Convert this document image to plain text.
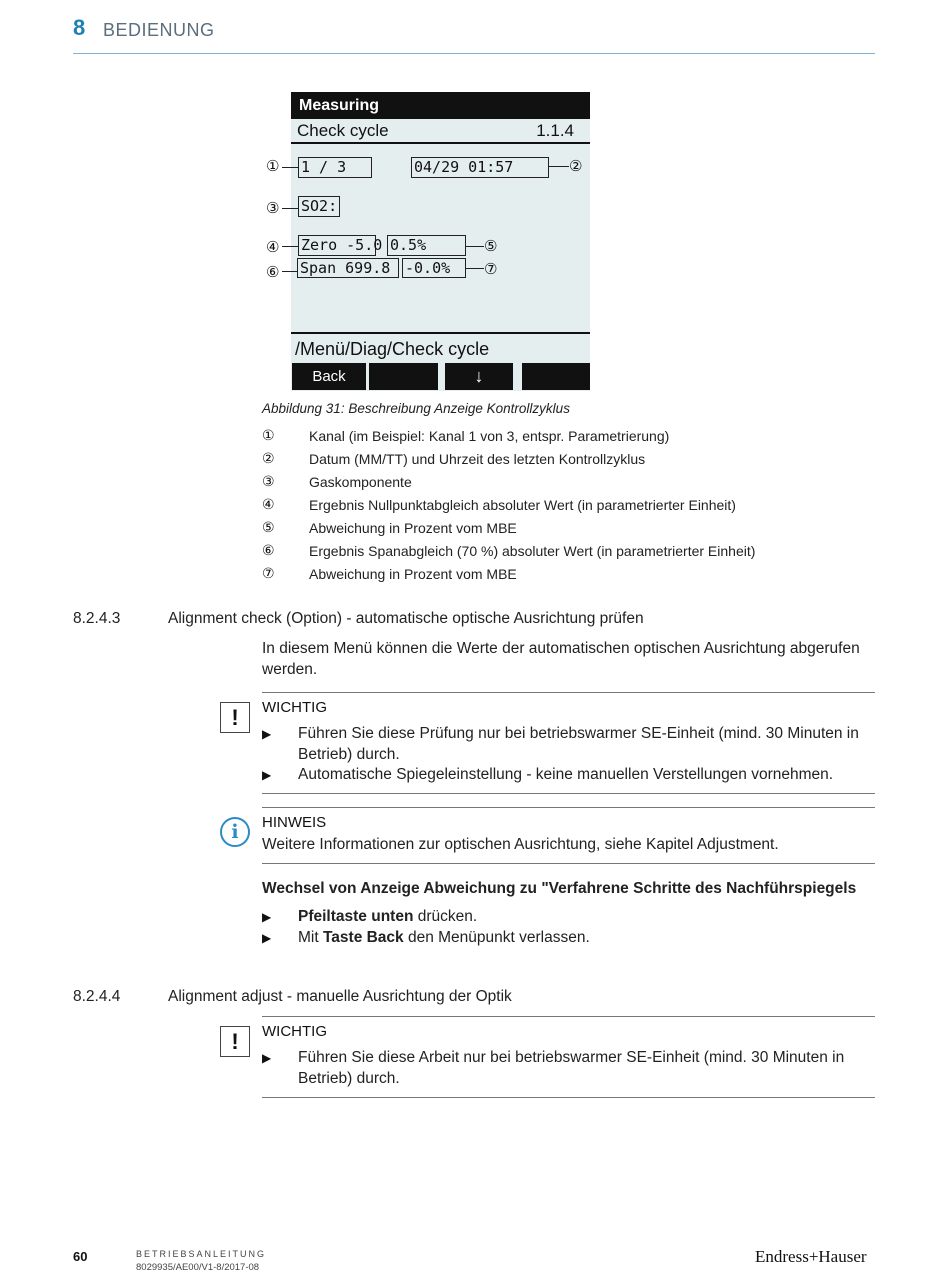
8 BEDIENUNG
Measuring
Check cycle	1.1.4
1 / 3	04/29 01:57
SO2:
Zero -5.0 0.5%
Span 699.8 -0.0%
/Menü/Diag/Check cycle
Back	↓
①	②
③
④	⑤
⑥	⑦
Abbildung 31: Beschreibung Anzeige Kontrollzyklus
① Kanal (im Beispiel: Kanal 1 von 3, entspr. Parametrierung)
② Datum (MM/TT) und Uhrzeit des letzten Kontrollzyklus
③ Gaskomponente
④ Ergebnis Nullpunktabgleich absoluter Wert (in parametrierter Einheit)
⑤ Abweichung in Prozent vom MBE
⑥ Ergebnis Spanabgleich (70 %) absoluter Wert (in parametrierter Einheit)
⑦ Abweichung in Prozent vom MBE
8.2.4.3	Alignment check (Option) - automatische optische Ausrichtung prüfen
In diesem Menü können die Werte der automatischen optischen Ausrichtung abgerufen werden.
!	WICHTIG
▶ Führen Sie diese Prüfung nur bei betriebswarmer SE-Einheit (mind. 30 Minuten in Betrieb) durch.
▶ Automatische Spiegeleinstellung - keine manuellen Verstellungen vornehmen.
i	HINWEIS
Weitere Informationen zur optischen Ausrichtung, siehe Kapitel Adjustment.
Wechsel von Anzeige Abweichung zu "Verfahrene Schritte des Nachführspiegels
▶ Pfeiltaste unten drücken.
▶ Mit Taste Back den Menüpunkt verlassen.
8.2.4.4	Alignment adjust - manuelle Ausrichtung der Optik
!	WICHTIG
▶ Führen Sie diese Arbeit nur bei betriebswarmer SE-Einheit (mind. 30 Minuten in Betrieb) durch.
60	BETRIEBSANLEITUNG
8029935/AE00/V1-8/2017-08
Endress+Hauser
